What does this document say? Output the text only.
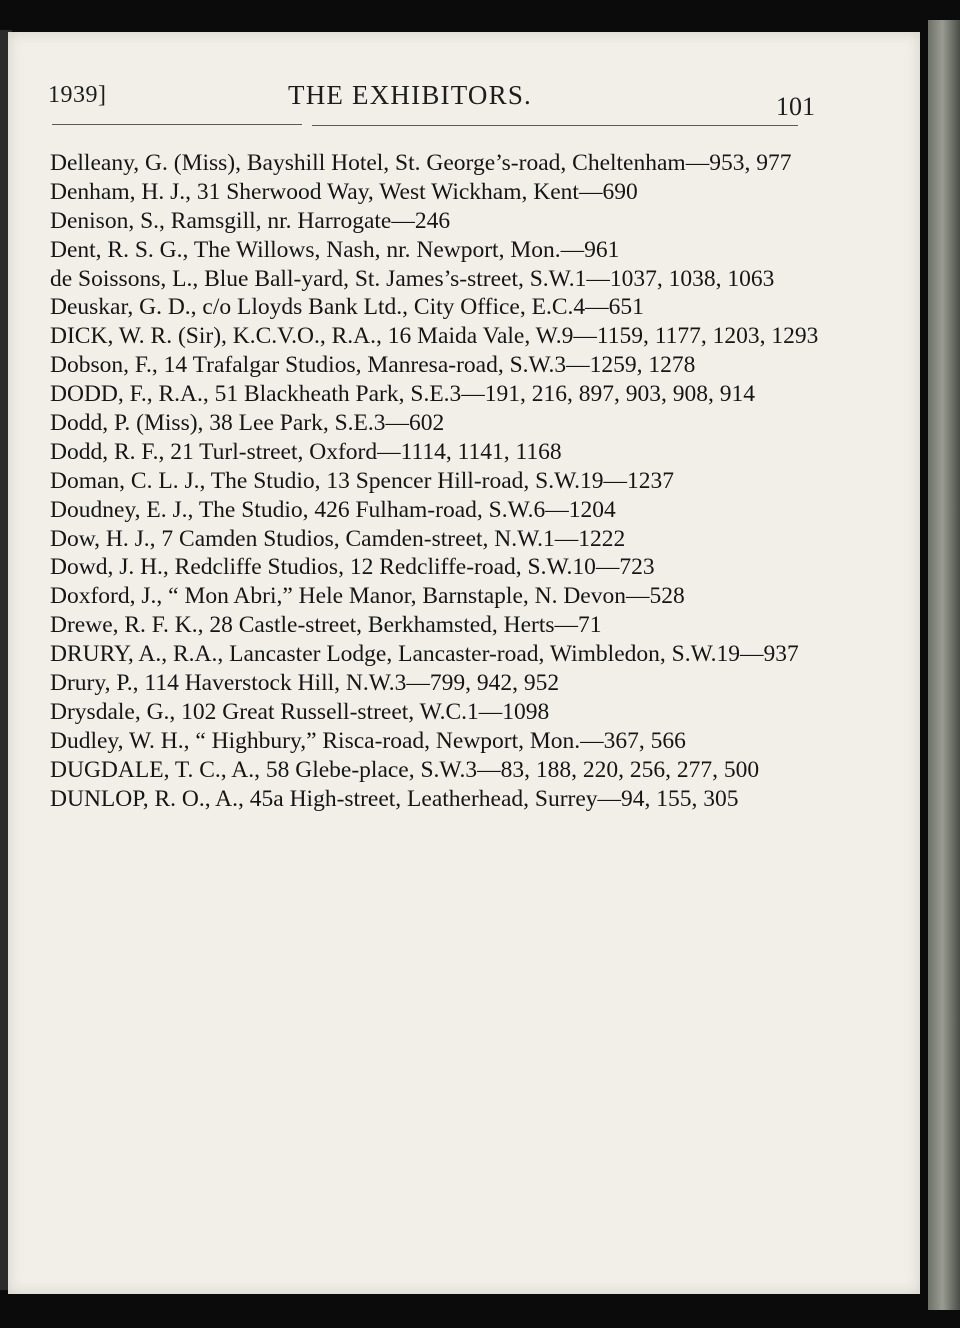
1939]	THE EXHIBITORS.	101
Delleany, G. (Miss), Bayshill Hotel, St. George’s-road, Cheltenham—953, 977
Denham, H. J., 31 Sherwood Way, West Wickham, Kent—690
Denison, S., Ramsgill, nr. Harrogate—246
Dent, R. S. G., The Willows, Nash, nr. Newport, Mon.—961
de Soissons, L., Blue Ball-yard, St. James’s-street, S.W.1—1037, 1038, 1063
Deuskar, G. D., c/o Lloyds Bank Ltd., City Office, E.C.4—651
DICK, W. R. (Sir), K.C.V.O., R.A., 16 Maida Vale, W.9—1159, 1177, 1203, 1293
Dobson, F., 14 Trafalgar Studios, Manresa-road, S.W.3—1259, 1278
DODD, F., R.A., 51 Blackheath Park, S.E.3—191, 216, 897, 903, 908, 914
Dodd, P. (Miss), 38 Lee Park, S.E.3—602
Dodd, R. F., 21 Turl-street, Oxford—1114, 1141, 1168
Doman, C. L. J., The Studio, 13 Spencer Hill-road, S.W.19—1237
Doudney, E. J., The Studio, 426 Fulham-road, S.W.6—1204
Dow, H. J., 7 Camden Studios, Camden-street, N.W.1—1222
Dowd, J. H., Redcliffe Studios, 12 Redcliffe-road, S.W.10—723
Doxford, J., “ Mon Abri,” Hele Manor, Barnstaple, N. Devon—528
Drewe, R. F. K., 28 Castle-street, Berkhamsted, Herts—71
DRURY, A., R.A., Lancaster Lodge, Lancaster-road, Wimbledon, S.W.19—937
Drury, P., 114 Haverstock Hill, N.W.3—799, 942, 952
Drysdale, G., 102 Great Russell-street, W.C.1—1098
Dudley, W. H., “ Highbury,” Risca-road, Newport, Mon.—367, 566
DUGDALE, T. C., A., 58 Glebe-place, S.W.3—83, 188, 220, 256, 277, 500
DUNLOP, R. O., A., 45a High-street, Leatherhead, Surrey—94, 155, 305
